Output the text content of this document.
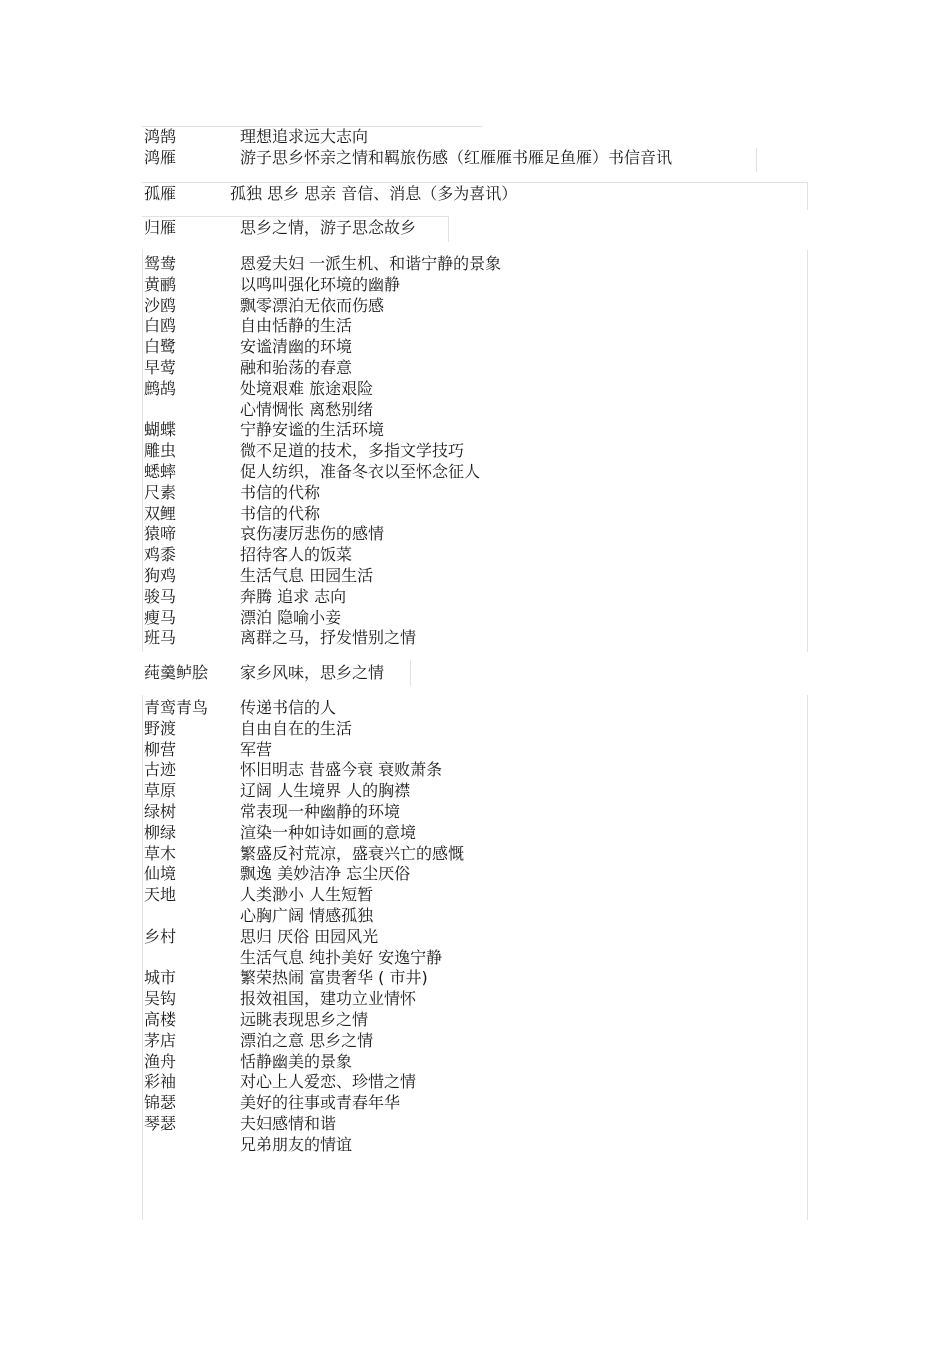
鸿鹄	理想追求远大志向
鸿雁	游子思乡怀亲之情和羁旅伤感（红雁雁书雁足鱼雁）书信音讯
孤雁	孤独 思乡 思亲 音信、消息（多为喜讯）
归雁	思乡之情，游子思念故乡
鸳鸯	恩爱夫妇 一派生机、和谐宁静的景象
黄鹂	以鸣叫强化环境的幽静
沙鸥	飘零漂泊无依而伤感
白鸥	自由恬静的生活
白鹭	安谧清幽的环境
早莺	融和骀荡的春意
鹧鸪	处境艰难 旅途艰险
心情惆怅 离愁别绪
蝴蝶	宁静安谧的生活环境
雕虫	微不足道的技术，多指文学技巧
蟋蟀	促人纺织，准备冬衣以至怀念征人
尺素	书信的代称
双鲤	书信的代称
猿啼	哀伤凄厉悲伤的感情
鸡黍	招待客人的饭菜
狗鸡	生活气息 田园生活
骏马	奔腾 追求 志向
瘦马	漂泊 隐喻小妾
班马	离群之马，抒发惜别之情
莼羹鲈脍 家乡风味，思乡之情
青鸾青鸟 传递书信的人
野渡	自由自在的生活
柳营	军营
古迹	怀旧明志 昔盛今衰 衰败萧条
草原	辽阔 人生境界 人的胸襟
绿树	常表现一种幽静的环境
柳绿	渲染一种如诗如画的意境
草木	繁盛反衬荒凉，盛衰兴亡的感慨
仙境	飘逸 美妙洁净 忘尘厌俗
天地	人类渺小 人生短暂
心胸广阔 情感孤独
乡村	思归 厌俗 田园风光
生活气息 纯扑美好 安逸宁静
城市	繁荣热闹 富贵奢华 ( 市井)
吴钩	报效祖国，建功立业情怀
高楼	远眺表现思乡之情
茅店	漂泊之意 思乡之情
渔舟	恬静幽美的景象
彩袖	对心上人爱恋、珍惜之情
锦瑟	美好的往事或青春年华
琴瑟	夫妇感情和谐
兄弟朋友的情谊
